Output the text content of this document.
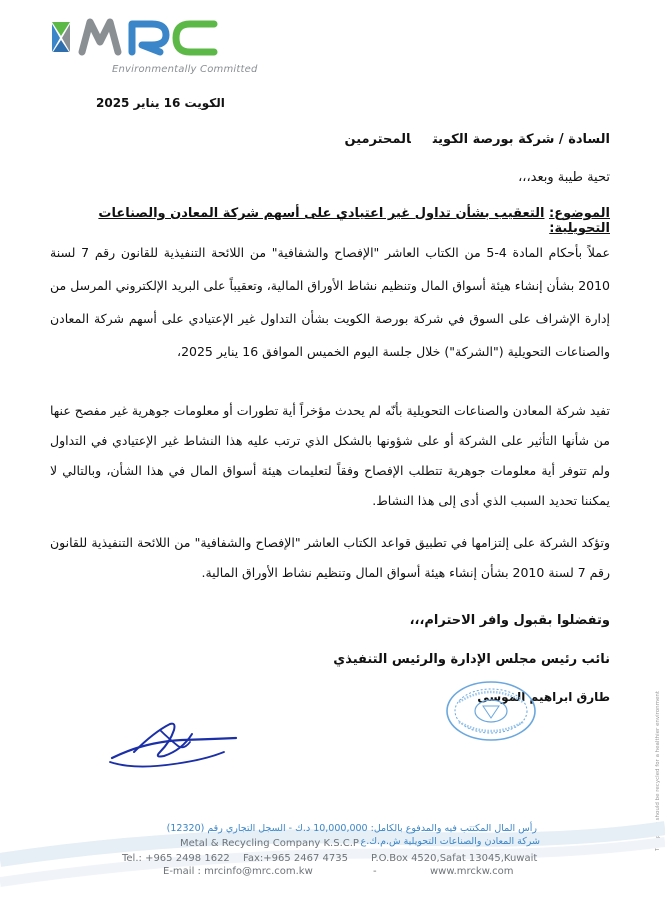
Environmentally Committed
الكويت 16 يناير 2025
السادة / شركة بورصة الكويتالمحترمين
تحية طيبة وبعد،،،
الموضوع: التعقيب بشأن تداول غير اعتيادي على أسهم شركة المعادن والصناعات التحويلية:
عملاً بأحكام المادة 4-5 من الكتاب العاشر "الإفصاح والشفافية" من اللائحة التنفيذية للقانون رقم 7 لسنة 2010 بشأن إنشاء هيئة أسواق المال وتنظيم نشاط الأوراق المالية، وتعقيباً على البريد الإلكتروني المرسل من إدارة الإشراف على السوق في شركة بورصة الكويت بشأن التداول غير الإعتيادي على أسهم شركة المعادن والصناعات التحويلية ("الشركة") خلال جلسة اليوم الخميس الموافق 16 يناير 2025،
تفيد شركة المعادن والصناعات التحويلية بأنّه لم يحدث مؤخراً أية تطورات أو معلومات جوهرية غير مفصح عنها من شأنها التأثير على الشركة أو على شؤونها بالشكل الذي ترتب عليه هذا النشاط غير الإعتيادي في التداول ولم تتوفر أية معلومات جوهرية تتطلب الإفصاح وفقاً لتعليمات هيئة أسواق المال في هذا الشأن، وبالتالي لا يمكننا تحديد السبب الذي أدى إلى هذا النشاط.
وتؤكد الشركة على إلتزامها في تطبيق قواعد الكتاب العاشر "الإفصاح والشفافية" من اللائحة التنفيذية للقانون رقم 7 لسنة 2010 بشأن إنشاء هيئة أسواق المال وتنظيم نشاط الأوراق المالية.
وتفضلوا بقبول وافر الاحترام،،،
نائب رئيس مجلس الإدارة والرئيس التنفيذي
طارق ابراهيم الموسى	This paper should be recycled for a healthier environment
رأس المال المكتتب فيه والمدفوع بالكامل: 10,000,000 د.ك - السجل التجاري رقم (12320)
شركة المعادن والصناعات التحويلية ش.م.ك.ع
Metal & Recycling Company K.S.C.P
Tel.: +965 2498 1622 Fax:+965 2467 4735 P.O.Box 4520,Safat 13045,Kuwait
E-mail : mrcinfo@mrc.com.kw	-	www.mrckw.com
